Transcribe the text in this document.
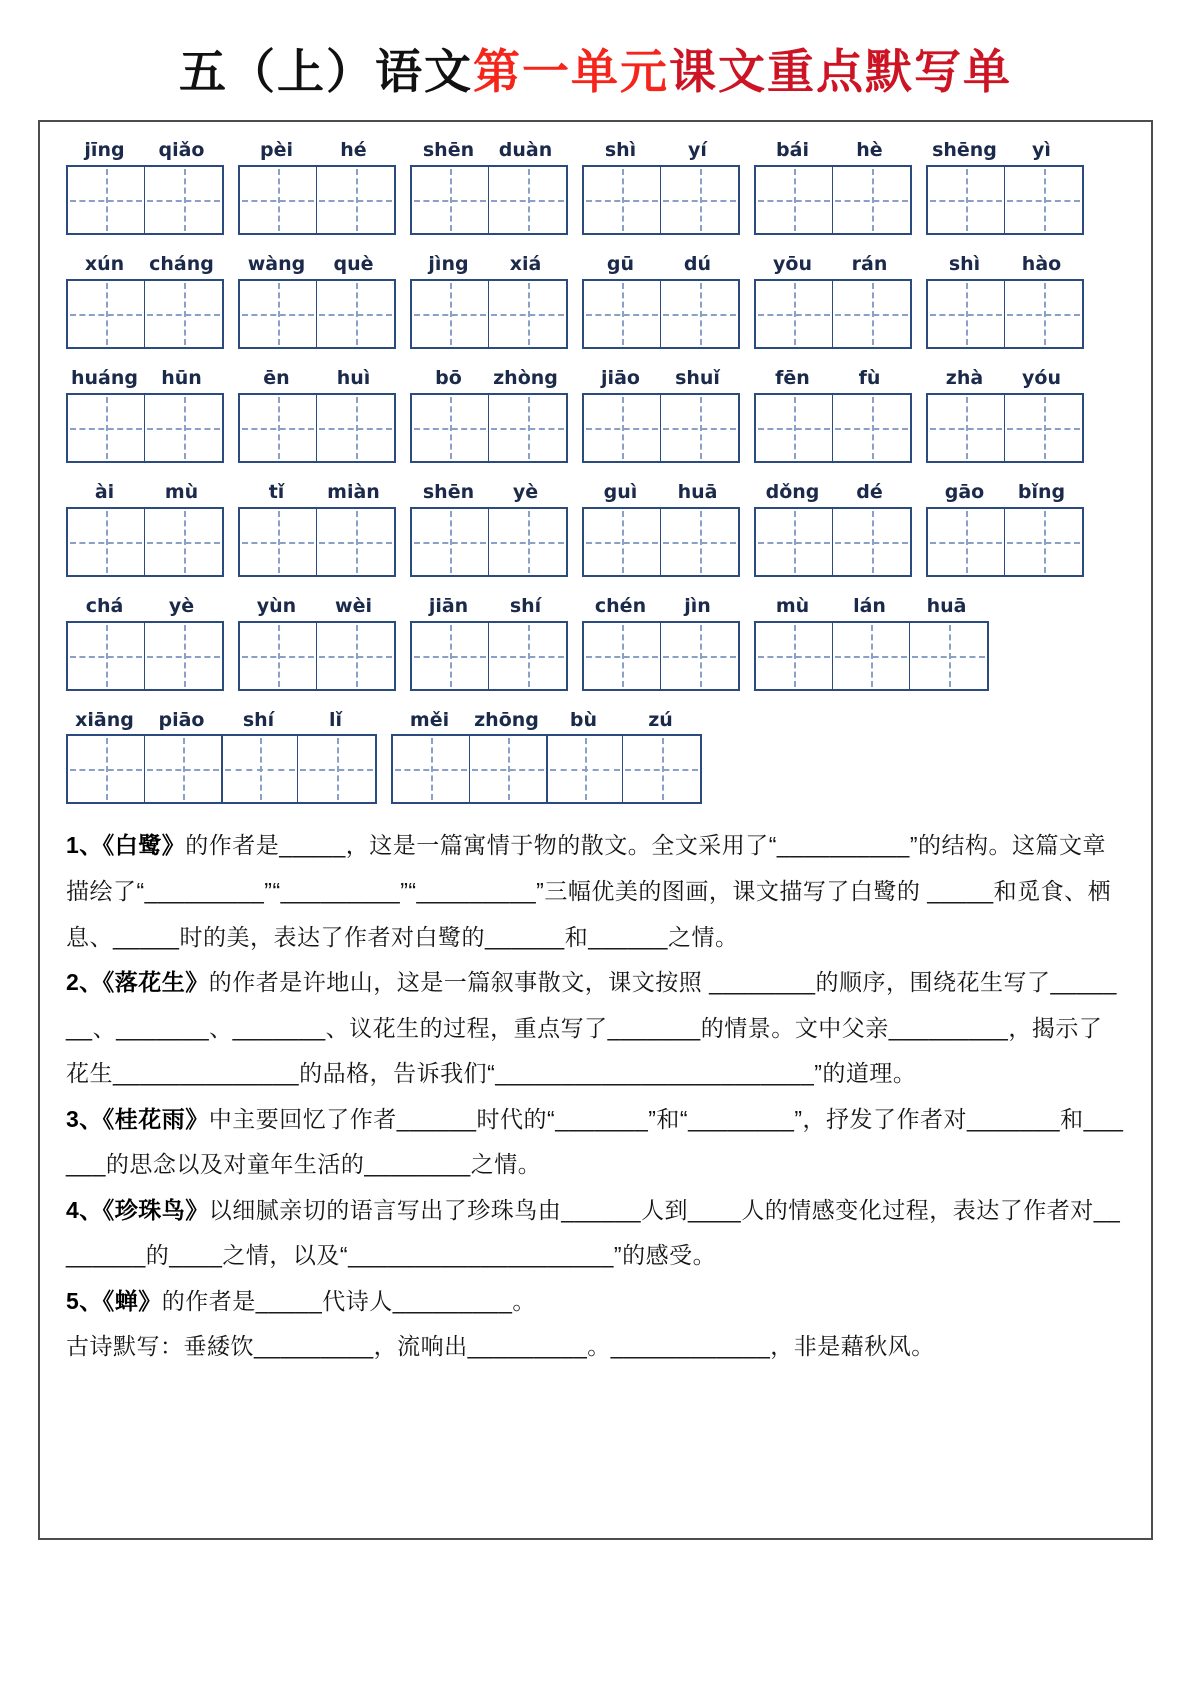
五（上）语文第一单元课文重点默写单
jīng	qiǎo	pèi	hé	shēn	duàn	shì	yí	bái	hè	shēng	yì
xún	cháng	wàng	què	jìng	xiá	gū	dú	yōu	rán	shì	hào
huáng	hūn	ēn	huì	bō	zhòng	jiāo	shuǐ	fēn	fù	zhà	yóu
ài	mù	tǐ	miàn	shēn	yè	guì	huā	dǒng	dé	gāo	bǐng
chá	yè	yùn	wèi	jiān	shí	chén	jìn	mù	lán	huā
xiāng	piāo	shí	lǐ	měi	zhōng	bù	zú

1、《白鹭》的作者是_____，这是一篇寓情于物的散文。全文采用了“__________”的结构。这篇文章描绘了“_________”“_________”“_________”三幅优美的图画，课文描写了白鹭的 _____和觅食、栖息、_____时的美，表达了作者对白鹭的______和______之情。

2、《落花生》的作者是许地山，这是一篇叙事散文，课文按照 ________的顺序，围绕花生写了_______、_______、_______、议花生的过程，重点写了_______的情景。文中父亲_________，揭示了花生______________的品格，告诉我们“________________________”的道理。

3、《桂花雨》中主要回忆了作者______时代的“_______”和“________”，抒发了作者对_______和______的思念以及对童年生活的________之情。

4、《珍珠鸟》以细腻亲切的语言写出了珍珠鸟由______人到____人的情感变化过程，表达了作者对________的____之情，以及“____________________”的感受。

5、《蝉》的作者是_____代诗人_________。

古诗默写：垂緌饮_________，流响出_________。____________，非是藉秋风。
